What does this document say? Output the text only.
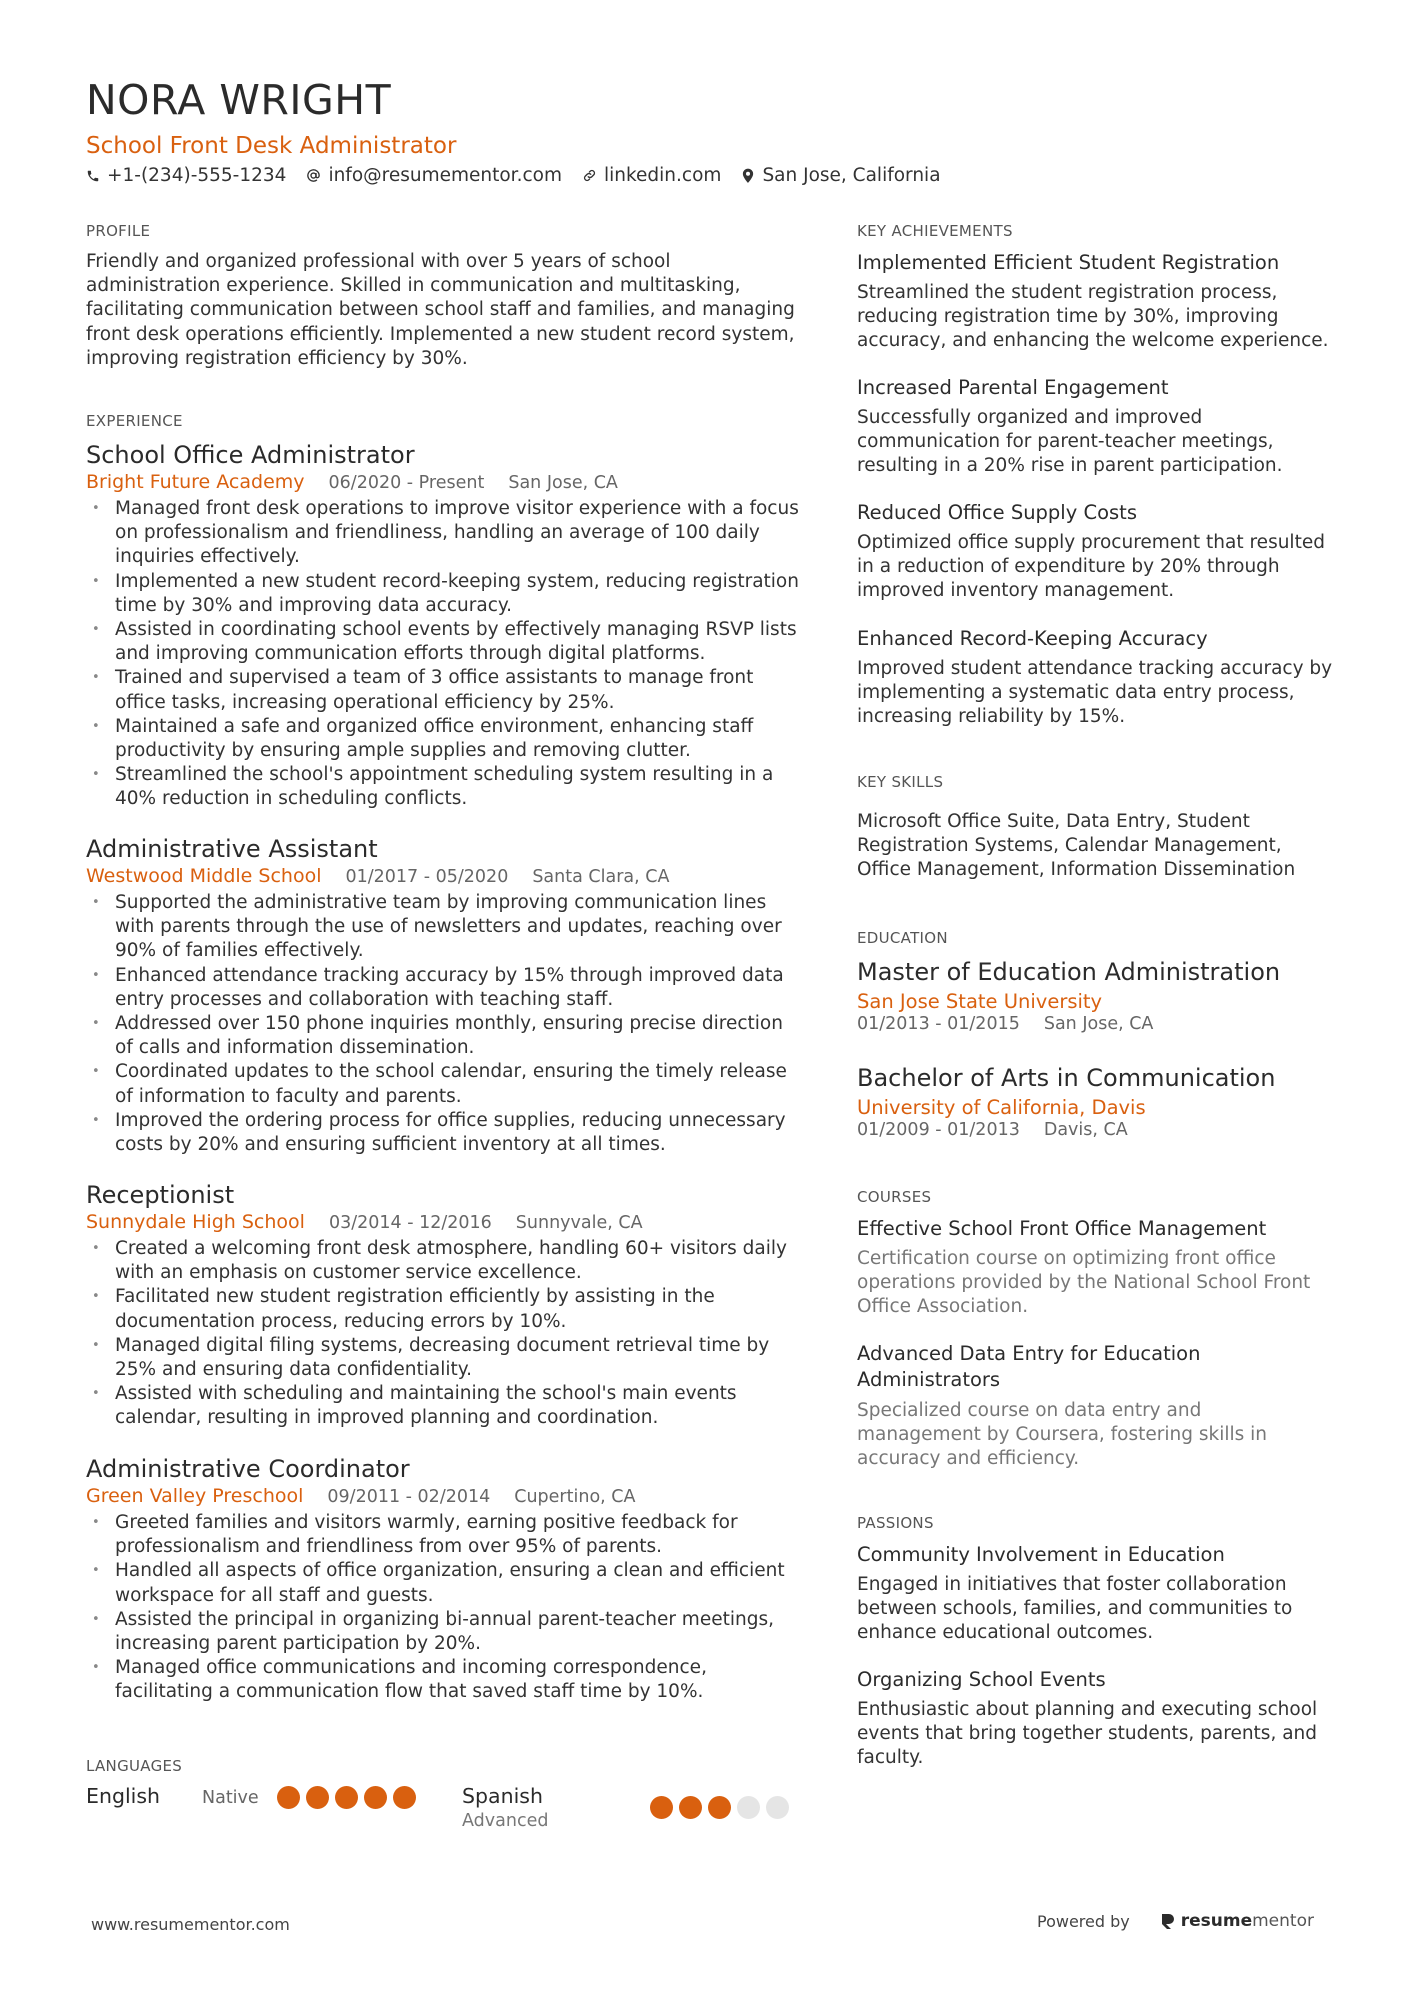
NORA WRIGHT
School Front Desk Administrator
+1-(234)-555-1234 info@resumementor.com linkedin.com San Jose, California
PROFILE

Friendly and organized professional with over 5 years of school administration experience. Skilled in communication and multitasking, facilitating communication between school staff and families, and managing front desk operations efficiently. Implemented a new student record system, improving registration efficiency by 30%.

EXPERIENCE

School Office Administrator

Bright Future Academy 06/2020 - Present San Jose, CA
• Managed front desk operations to improve visitor experience with a focus on professionalism and friendliness, handling an average of 100 daily inquiries effectively.
• Implemented a new student record-keeping system, reducing registration time by 30% and improving data accuracy.
• Assisted in coordinating school events by effectively managing RSVP lists and improving communication efforts through digital platforms.
• Trained and supervised a team of 3 office assistants to manage front office tasks, increasing operational efficiency by 25%.
• Maintained a safe and organized office environment, enhancing staff productivity by ensuring ample supplies and removing clutter.
• Streamlined the school's appointment scheduling system resulting in a 40% reduction in scheduling conflicts.

Administrative Assistant

Westwood Middle School 01/2017 - 05/2020 Santa Clara, CA
• Supported the administrative team by improving communication lines with parents through the use of newsletters and updates, reaching over 90% of families effectively.
• Enhanced attendance tracking accuracy by 15% through improved data entry processes and collaboration with teaching staff.
• Addressed over 150 phone inquiries monthly, ensuring precise direction of calls and information dissemination.
• Coordinated updates to the school calendar, ensuring the timely release of information to faculty and parents.
• Improved the ordering process for office supplies, reducing unnecessary costs by 20% and ensuring sufficient inventory at all times.

Receptionist

Sunnydale High School 03/2014 - 12/2016 Sunnyvale, CA
• Created a welcoming front desk atmosphere, handling 60+ visitors daily with an emphasis on customer service excellence.
• Facilitated new student registration efficiently by assisting in the documentation process, reducing errors by 10%.
• Managed digital filing systems, decreasing document retrieval time by 25% and ensuring data confidentiality.
• Assisted with scheduling and maintaining the school's main events calendar, resulting in improved planning and coordination.

Administrative Coordinator

Green Valley Preschool 09/2011 - 02/2014 Cupertino, CA
• Greeted families and visitors warmly, earning positive feedback for professionalism and friendliness from over 95% of parents.
• Handled all aspects of office organization, ensuring a clean and efficient workspace for all staff and guests.
• Assisted the principal in organizing bi-annual parent-teacher meetings, increasing parent participation by 20%.
• Managed office communications and incoming correspondence, facilitating a communication flow that saved staff time by 10%.
LANGUAGES
English Native	Spanish
Advanced
KEY ACHIEVEMENTS

Implemented Efficient Student Registration

Streamlined the student registration process, reducing registration time by 30%, improving accuracy, and enhancing the welcome experience.

Increased Parental Engagement

Successfully organized and improved communication for parent-teacher meetings, resulting in a 20% rise in parent participation.

Reduced Office Supply Costs

Optimized office supply procurement that resulted in a reduction of expenditure by 20% through improved inventory management.

Enhanced Record-Keeping Accuracy

Improved student attendance tracking accuracy by implementing a systematic data entry process, increasing reliability by 15%.

KEY SKILLS

Microsoft Office Suite, Data Entry, Student Registration Systems, Calendar Management, Office Management, Information Dissemination

EDUCATION

Master of Education Administration

San Jose State University

01/2013 - 01/2015 San Jose, CA

Bachelor of Arts in Communication

University of California, Davis

01/2009 - 01/2013 Davis, CA
COURSES

Effective School Front Office Management

Certification course on optimizing front office operations provided by the National School Front Office Association.

Advanced Data Entry for Education Administrators

Specialized course on data entry and management by Coursera, fostering skills in accuracy and efficiency.

PASSIONS

Community Involvement in Education

Engaged in initiatives that foster collaboration between schools, families, and communities to enhance educational outcomes.

Organizing School Events

Enthusiastic about planning and executing school events that bring together students, parents, and faculty.

www.resumementor.com	Powered by	resume mentor
